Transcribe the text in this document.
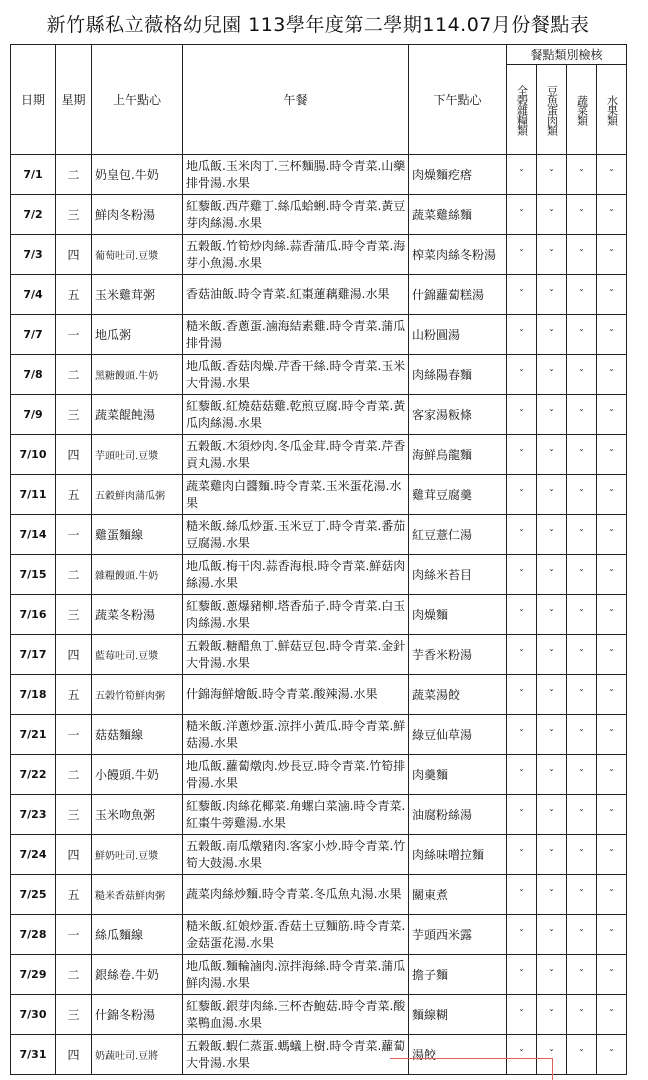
新竹縣私立薇格幼兒園 113學年度第二學期114.07月份餐點表
日期	星期	上午點心	午餐	下午點心	餐點類別檢核			

					全榖雜糧類	豆魚蛋肉類	蔬菜類	水果類

7/1	二	奶皇包.牛奶	地瓜飯.玉米肉丁.三杯麵腸.時令青菜.山藥排骨湯.水果	肉燥麵疙瘩	ˇ	ˇ	ˇ	ˇ
7/2	三	鮮肉冬粉湯	紅藜飯.西芹雞丁.絲瓜蛤蜊.時令青菜.黃豆芽肉絲湯.水果	蔬菜雞絲麵	ˇ	ˇ	ˇ	ˇ
7/3	四	葡萄吐司.豆漿	五穀飯.竹筍炒肉絲.蒜香蒲瓜.時令青菜.海芽小魚湯.水果	榨菜肉絲冬粉湯	ˇ	ˇ	ˇ	ˇ
7/4	五	玉米雞茸粥	香菇油飯.時令青菜.紅棗蓮藕雞湯.水果	什錦蘿蔔糕湯	ˇ	ˇ	ˇ	ˇ
7/7	一	地瓜粥	糙米飯.香蔥蛋.滷海結素雞.時令青菜.蒲瓜排骨湯	山粉圓湯	ˇ	ˇ	ˇ	ˇ
7/8	二	黑糖饅頭.牛奶	地瓜飯.香菇肉燥.芹香干絲.時令青菜.玉米大骨湯.水果	肉絲陽春麵	ˇ	ˇ	ˇ	ˇ
7/9	三	蔬菜餛飩湯	紅藜飯.紅燒菇菇雞.乾煎豆腐.時令青菜.黃瓜肉絲湯.水果	客家湯粄條	ˇ	ˇ	ˇ	ˇ
7/10	四	芋頭吐司.豆漿	五穀飯.木須炒肉.冬瓜金茸.時令青菜.芹香貢丸湯.水果	海鮮烏龍麵	ˇ	ˇ	ˇ	ˇ
7/11	五	五穀鮮肉蒲瓜粥	蔬菜雞肉白醬麵.時令青菜.玉米蛋花湯.水果	雞茸豆腐羹	ˇ	ˇ	ˇ	ˇ
7/14	一	雞蛋麵線	糙米飯.絲瓜炒蛋.玉米豆丁.時令青菜.番茄豆腐湯.水果	紅豆薏仁湯	ˇ	ˇ	ˇ	ˇ
7/15	二	雜糧饅頭.牛奶	地瓜飯.梅干肉.蒜香海根.時令青菜.鮮菇肉絲湯.水果	肉絲米苔目	ˇ	ˇ	ˇ	ˇ
7/16	三	蔬菜冬粉湯	紅藜飯.蔥爆豬柳.塔香茄子.時令青菜.白玉肉絲湯.水果	肉燥麵	ˇ	ˇ	ˇ	ˇ
7/17	四	藍莓吐司.豆漿	五穀飯.糖醋魚丁.鮮菇豆包.時令青菜.金針大骨湯.水果	芋香米粉湯	ˇ	ˇ	ˇ	ˇ
7/18	五	五榖竹筍鮮肉粥	什錦海鮮燴飯.時令青菜.酸辣湯.水果	蔬菜湯餃	ˇ	ˇ	ˇ	ˇ
7/21	一	菇菇麵線	糙米飯.洋蔥炒蛋.涼拌小黃瓜.時令青菜.鮮菇湯.水果	綠豆仙草湯	ˇ	ˇ	ˇ	ˇ
7/22	二	小饅頭.牛奶	地瓜飯.蘿蔔燉肉.炒長豆.時令青菜.竹筍排骨湯.水果	肉羹麵	ˇ	ˇ	ˇ	ˇ
7/23	三	玉米吻魚粥	紅藜飯.肉絲花椰菜.角螺白菜滷.時令青菜.紅棗牛蒡雞湯.水果	油腐粉絲湯	ˇ	ˇ	ˇ	ˇ
7/24	四	鮮奶吐司.豆漿	五穀飯.南瓜燉豬肉.客家小炒.時令青菜.竹筍大鼓湯.水果	肉絲味噌拉麵	ˇ	ˇ	ˇ	ˇ
7/25	五	糙米香菇鮮肉粥	蔬菜肉絲炒麵.時令青菜.冬瓜魚丸湯.水果	關東煮	ˇ	ˇ	ˇ	ˇ
7/28	一	絲瓜麵線	糙米飯.紅娘炒蛋.香菇土豆麵筋.時令青菜.金菇蛋花湯.水果	芋頭西米露	ˇ	ˇ	ˇ	ˇ
7/29	二	銀絲卷.牛奶	地瓜飯.麵輪滷肉.涼拌海絲.時令青菜.蒲瓜鮮肉湯.水果	擔子麵	ˇ	ˇ	ˇ	ˇ
7/30	三	什錦冬粉湯	紅藜飯.銀芽肉絲.三杯杏鮑菇.時令青菜.酸菜鴨血湯.水果	麵線糊	ˇ	ˇ	ˇ	ˇ
7/31	四	奶蔬吐司.豆將	五穀飯.蝦仁蒸蛋.螞蟻上樹.時令青菜.蘿蔔大骨湯.水果	湯餃	ˇ	ˇ	ˇ	ˇ
